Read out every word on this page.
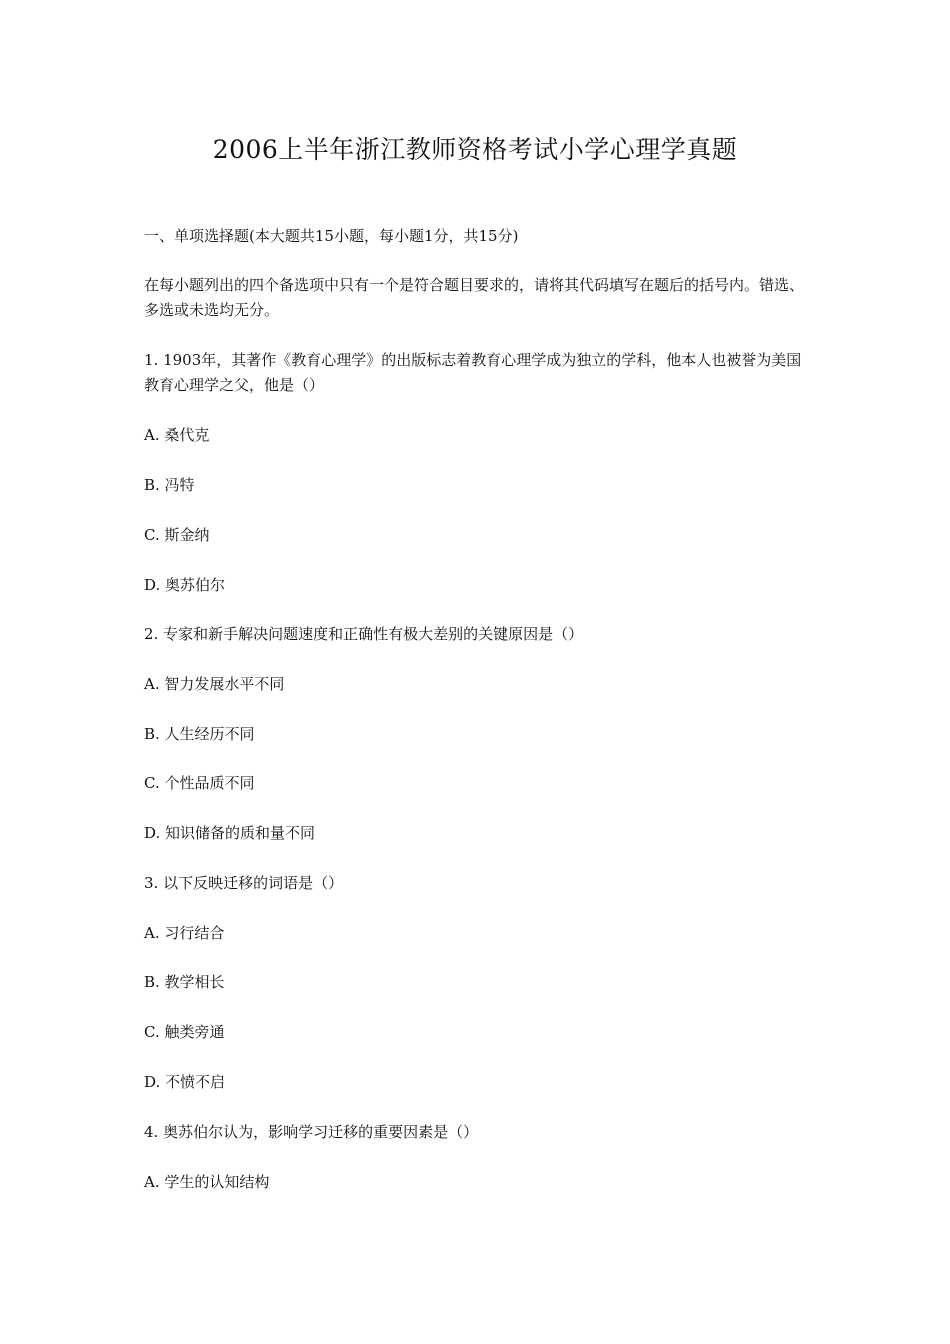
2006上半年浙江教师资格考试小学心理学真题
一、单项选择题(本大题共15小题，每小题1分，共15分)
在每小题列出的四个备选项中只有一个是符合题目要求的，请将其代码填写在题后的括号内。错选、多选或未选均无分。
1. 1903年，其著作《教育心理学》的出版标志着教育心理学成为独立的学科，他本人也被誉为美国教育心理学之父，他是（）
A. 桑代克
B. 冯特
C. 斯金纳
D. 奥苏伯尔
2. 专家和新手解决问题速度和正确性有极大差别的关键原因是（）
A. 智力发展水平不同
B. 人生经历不同
C. 个性品质不同
D. 知识储备的质和量不同
3. 以下反映迁移的词语是（）
A. 习行结合
B. 教学相长
C. 触类旁通
D. 不愤不启
4. 奥苏伯尔认为，影响学习迁移的重要因素是（）
A. 学生的认知结构
